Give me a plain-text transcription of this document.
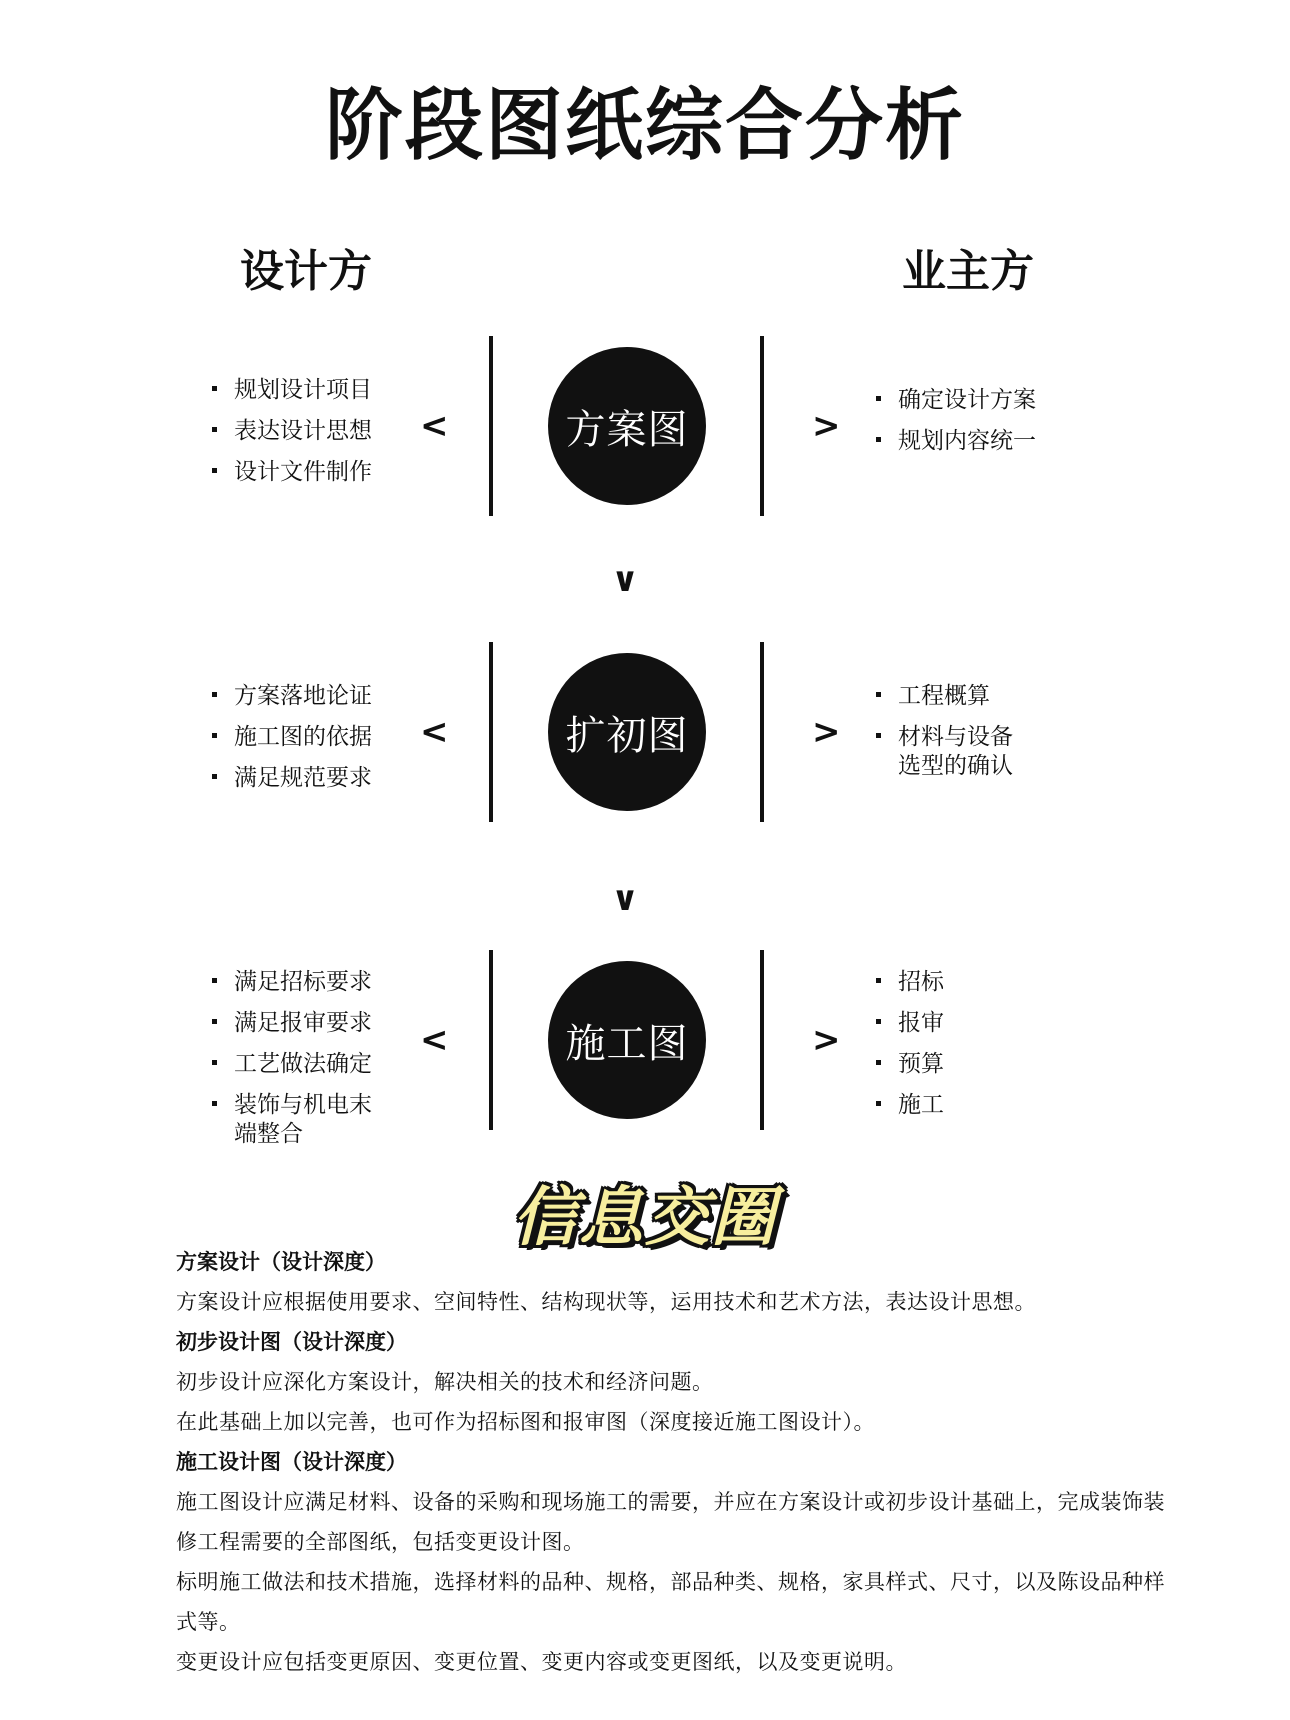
阶段图纸综合分析
设计方	业主方
方案图
<	>
规划设计项目
表达设计思想
设计文件制作
确定设计方案
规划内容统一
∨
扩初图
<	>
方案落地论证
施工图的依据
满足规范要求
工程概算
材料与设备
选型的确认
∨
施工图
<	>
满足招标要求
满足报审要求
工艺做法确定
装饰与机电末
端整合
招标
报审
预算
施工
信息交圈
方案设计（设计深度）
方案设计应根据使用要求、空间特性、结构现状等，运用技术和艺术方法，表达设计思想。
初步设计图（设计深度）
初步设计应深化方案设计，解决相关的技术和经济问题。
在此基础上加以完善，也可作为招标图和报审图（深度接近施工图设计）。
施工设计图（设计深度）
施工图设计应满足材料、设备的采购和现场施工的需要，并应在方案设计或初步设计基础上，完成装饰装修工程需要的全部图纸，包括变更设计图。
标明施工做法和技术措施，选择材料的品种、规格，部品种类、规格，家具样式、尺寸，以及陈设品种样式等。
变更设计应包括变更原因、变更位置、变更内容或变更图纸，以及变更说明。
